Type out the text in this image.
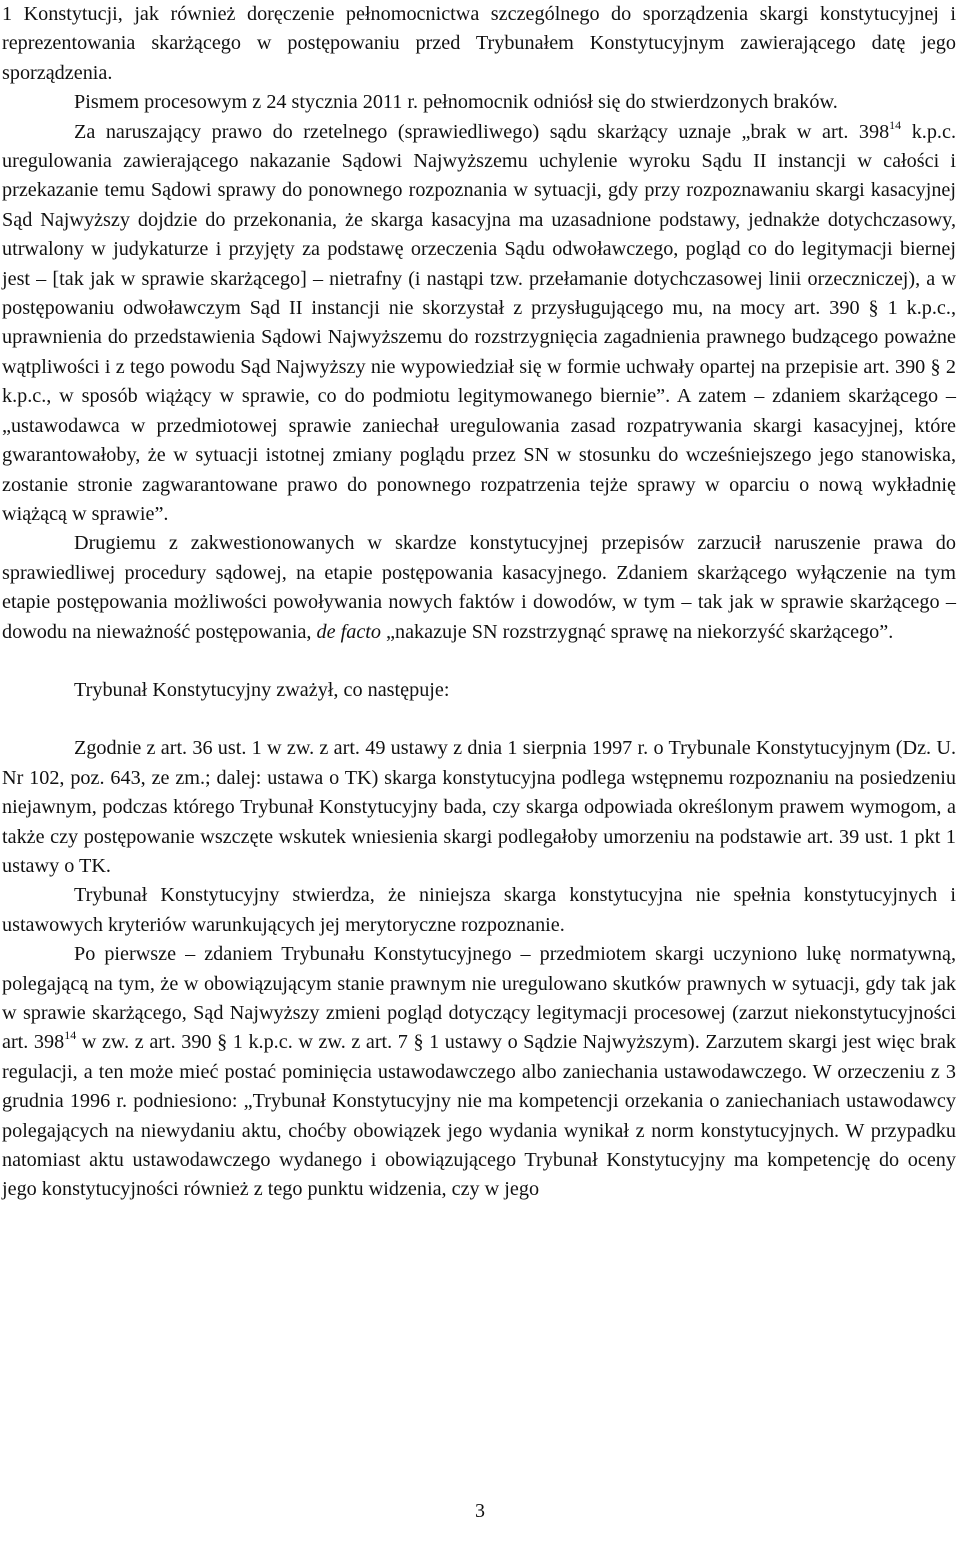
1 Konstytucji, jak również doręczenie pełnomocnictwa szczególnego do sporządzenia skargi konstytucyjnej i reprezentowania skarżącego w postępowaniu przed Trybunałem Konstytucyjnym zawierającego datę jego sporządzenia.

Pismem procesowym z 24 stycznia 2011 r. pełnomocnik odniósł się do stwierdzonych braków.

Za naruszający prawo do rzetelnego (sprawiedliwego) sądu skarżący uznaje „brak w art. $398^{14}$ k.p.c. uregulowania zawierającego nakazanie Sądowi Najwyższemu uchylenie wyroku Sądu II instancji w całości i przekazanie temu Sądowi sprawy do ponownego rozpoznania w sytuacji, gdy przy rozpoznawaniu skargi kasacyjnej Sąd Najwyższy dojdzie do przekonania, że skarga kasacyjna ma uzasadnione podstawy, jednakże dotychczasowy, utrwalony w judykaturze i przyjęty za podstawę orzeczenia Sądu odwoławczego, pogląd co do legitymacji biernej jest – [tak jak w sprawie skarżącego] – nietrafny (i nastąpi tzw. przełamanie dotychczasowej linii orzeczniczej), a w postępowaniu odwoławczym Sąd II instancji nie skorzystał z przysługującego mu, na mocy art. 390 § 1 k.p.c., uprawnienia do przedstawienia Sądowi Najwyższemu do rozstrzygnięcia zagadnienia prawnego budzącego poważne wątpliwości i z tego powodu Sąd Najwyższy nie wypowiedział się w formie uchwały opartej na przepisie art. 390 § 2 k.p.c., w sposób wiążący w sprawie, co do podmiotu legitymowanego biernie”. A zatem – zdaniem skarżącego – „ustawodawca w przedmiotowej sprawie zaniechał uregulowania zasad rozpatrywania skargi kasacyjnej, które gwarantowałoby, że w sytuacji istotnej zmiany poglądu przez SN w stosunku do wcześniejszego jego stanowiska, zostanie stronie zagwarantowane prawo do ponownego rozpatrzenia tejże sprawy w oparciu o nową wykładnię wiążącą w sprawie”.

Drugiemu z zakwestionowanych w skardze konstytucyjnej przepisów zarzucił naruszenie prawa do sprawiedliwej procedury sądowej, na etapie postępowania kasacyjnego. Zdaniem skarżącego wyłączenie na tym etapie postępowania możliwości powoływania nowych faktów i dowodów, w tym – tak jak w sprawie skarżącego – dowodu na nieważność postępowania, de facto „nakazuje SN rozstrzygnąć sprawę na niekorzyść skarżącego”.

Trybunał Konstytucyjny zważył, co następuje:

Zgodnie z art. 36 ust. 1 w zw. z art. 49 ustawy z dnia 1 sierpnia 1997 r. o Trybunale Konstytucyjnym (Dz. U. Nr 102, poz. 643, ze zm.; dalej: ustawa o TK) skarga konstytucyjna podlega wstępnemu rozpoznaniu na posiedzeniu niejawnym, podczas którego Trybunał Konstytucyjny bada, czy skarga odpowiada określonym prawem wymogom, a także czy postępowanie wszczęte wskutek wniesienia skargi podlegałoby umorzeniu na podstawie art. 39 ust. 1 pkt 1 ustawy o TK.

Trybunał Konstytucyjny stwierdza, że niniejsza skarga konstytucyjna nie spełnia konstytucyjnych i ustawowych kryteriów warunkujących jej merytoryczne rozpoznanie.

Po pierwsze – zdaniem Trybunału Konstytucyjnego – przedmiotem skargi uczyniono lukę normatywną, polegającą na tym, że w obowiązującym stanie prawnym nie uregulowano skutków prawnych w sytuacji, gdy tak jak w sprawie skarżącego, Sąd Najwyższy zmieni pogląd dotyczący legitymacji procesowej (zarzut niekonstytucyjności art. $398^{14}$ w zw. z art. 390 § 1 k.p.c. w zw. z art. 7 § 1 ustawy o Sądzie Najwyższym). Zarzutem skargi jest więc brak regulacji, a ten może mieć postać pominięcia ustawodawczego albo zaniechania ustawodawczego. W orzeczeniu z 3 grudnia 1996 r. podniesiono: „Trybunał Konstytucyjny nie ma kompetencji orzekania o zaniechaniach ustawodawcy polegających na niewydaniu aktu, choćby obowiązek jego wydania wynikał z norm konstytucyjnych. W przypadku natomiast aktu ustawodawczego wydanego i obowiązującego Trybunał Konstytucyjny ma kompetencję do oceny jego konstytucyjności również z tego punktu widzenia, czy w jego

3
